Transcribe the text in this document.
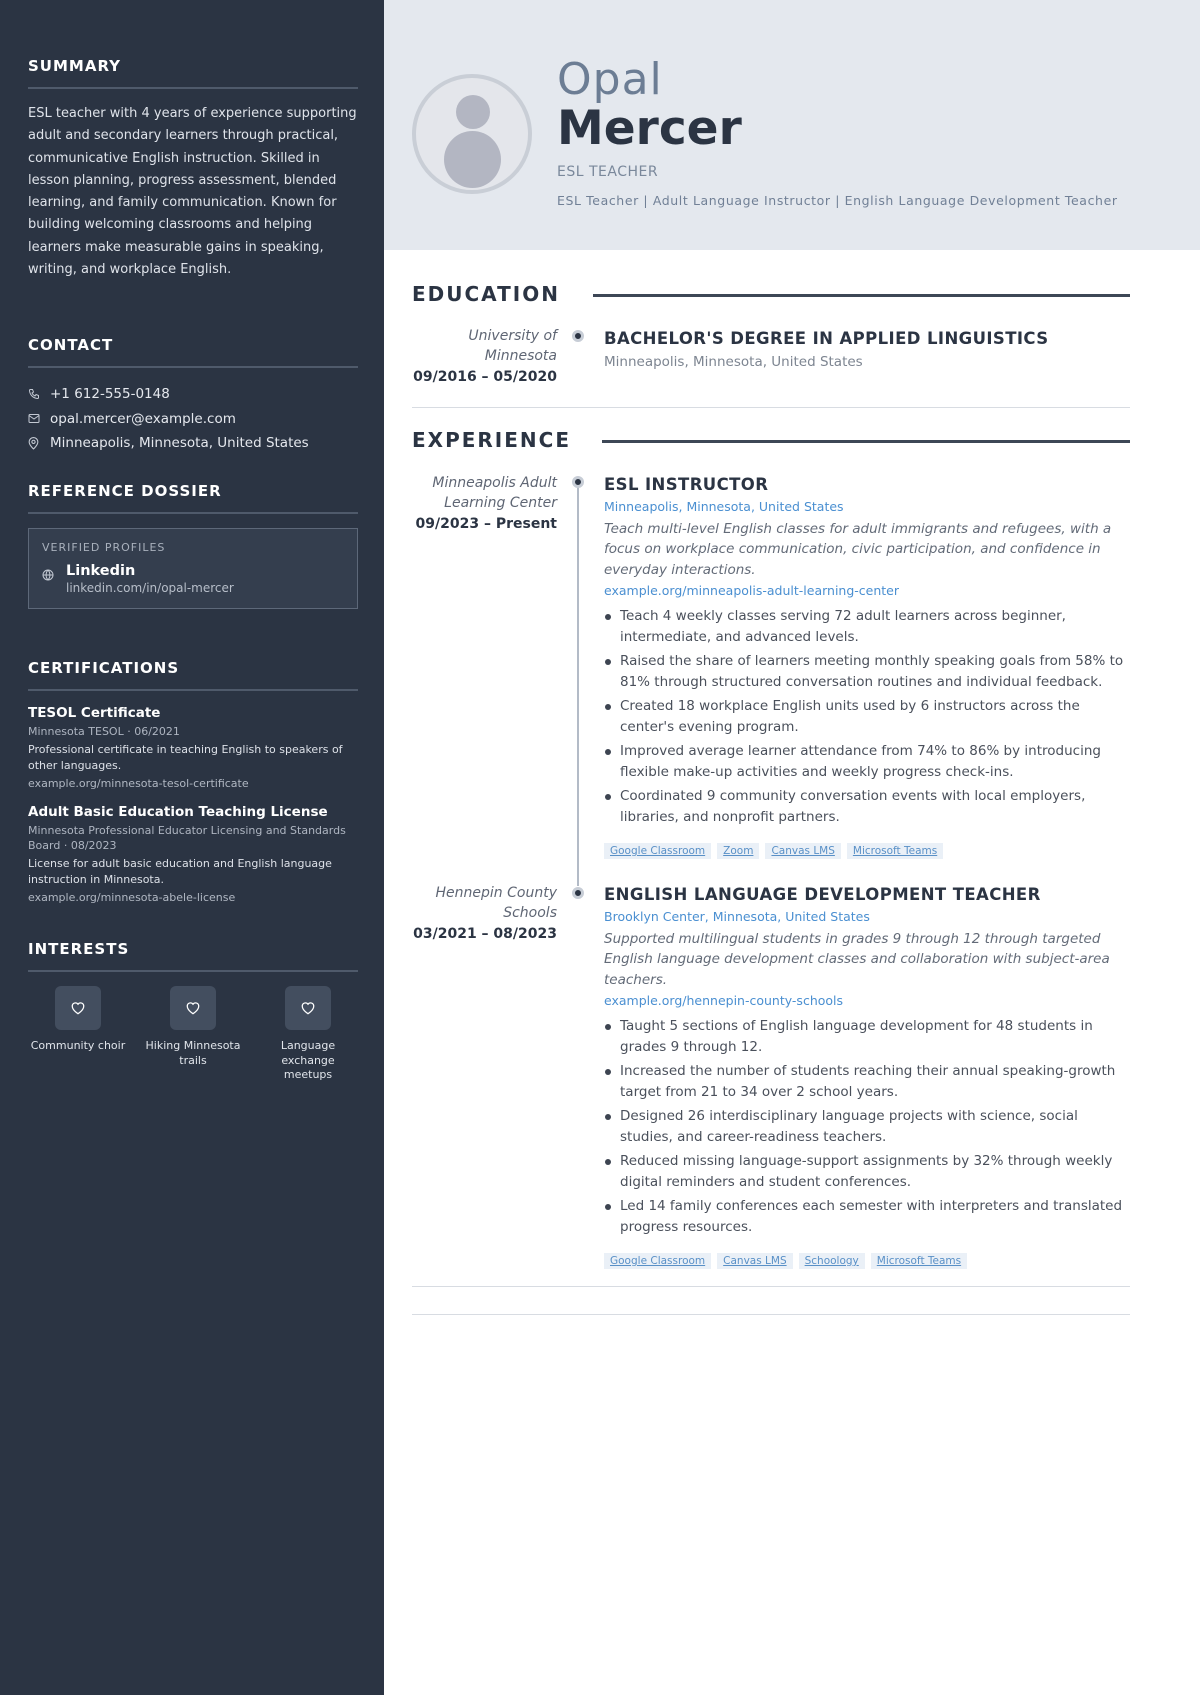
SUMMARY

ESL teacher with 4 years of experience supporting adult and secondary learners through practical, communicative English instruction. Skilled in lesson planning, progress assessment, blended learning, and family communication. Known for building welcoming classrooms and helping learners make measurable gains in speaking, writing, and workplace English.

CONTACT
+1 612-555-0148
opal.mercer@example.com
Minneapolis, Minnesota, United States
REFERENCE DOSSIER
VERIFIED PROFILES
Linkedin
linkedin.com/in/opal-mercer
CERTIFICATIONS
TESOL Certificate
Minnesota TESOL · 06/2021
Professional certificate in teaching English to speakers of other languages.
example.org/minnesota-tesol-certificate
Adult Basic Education Teaching License
Minnesota Professional Educator Licensing and Standards Board · 08/2023
License for adult basic education and English language instruction in Minnesota.
example.org/minnesota-abele-license
INTERESTS
Community choir Hiking Minnesota trails
Language exchange meetups
Opal
Mercer
ESL TEACHER
ESL Teacher | Adult Language Instructor | English Language Development Teacher
EDUCATION
University of Minnesota
09/2016 – 05/2020
BACHELOR'S DEGREE IN APPLIED LINGUISTICS
Minneapolis, Minnesota, United States
EXPERIENCE
Minneapolis Adult Learning Center
09/2023 – Present
ESL INSTRUCTOR
Minneapolis, Minnesota, United States
Teach multi-level English classes for adult immigrants and refugees, with a focus on workplace communication, civic participation, and confidence in everyday interactions.
example.org/minneapolis-adult-learning-center
Teach 4 weekly classes serving 72 adult learners across beginner, intermediate, and advanced levels.
Raised the share of learners meeting monthly speaking goals from 58% to 81% through structured conversation routines and individual feedback.
Created 18 workplace English units used by 6 instructors across the center's evening program.
Improved average learner attendance from 74% to 86% by introducing flexible make-up activities and weekly progress check-ins.
Coordinated 9 community conversation events with local employers, libraries, and nonprofit partners.
Google Classroom	Zoom	Canvas LMS	Microsoft Teams
Hennepin County Schools
03/2021 – 08/2023
ENGLISH LANGUAGE DEVELOPMENT TEACHER
Brooklyn Center, Minnesota, United States
Supported multilingual students in grades 9 through 12 through targeted English language development classes and collaboration with subject-area teachers.
example.org/hennepin-county-schools
Taught 5 sections of English language development for 48 students in grades 9 through 12.
Increased the number of students reaching their annual speaking-growth target from 21 to 34 over 2 school years.
Designed 26 interdisciplinary language projects with science, social studies, and career-readiness teachers.
Reduced missing language-support assignments by 32% through weekly digital reminders and student conferences.
Led 14 family conferences each semester with interpreters and translated progress resources.
Google Classroom	Canvas LMS	Schoology	Microsoft Teams
